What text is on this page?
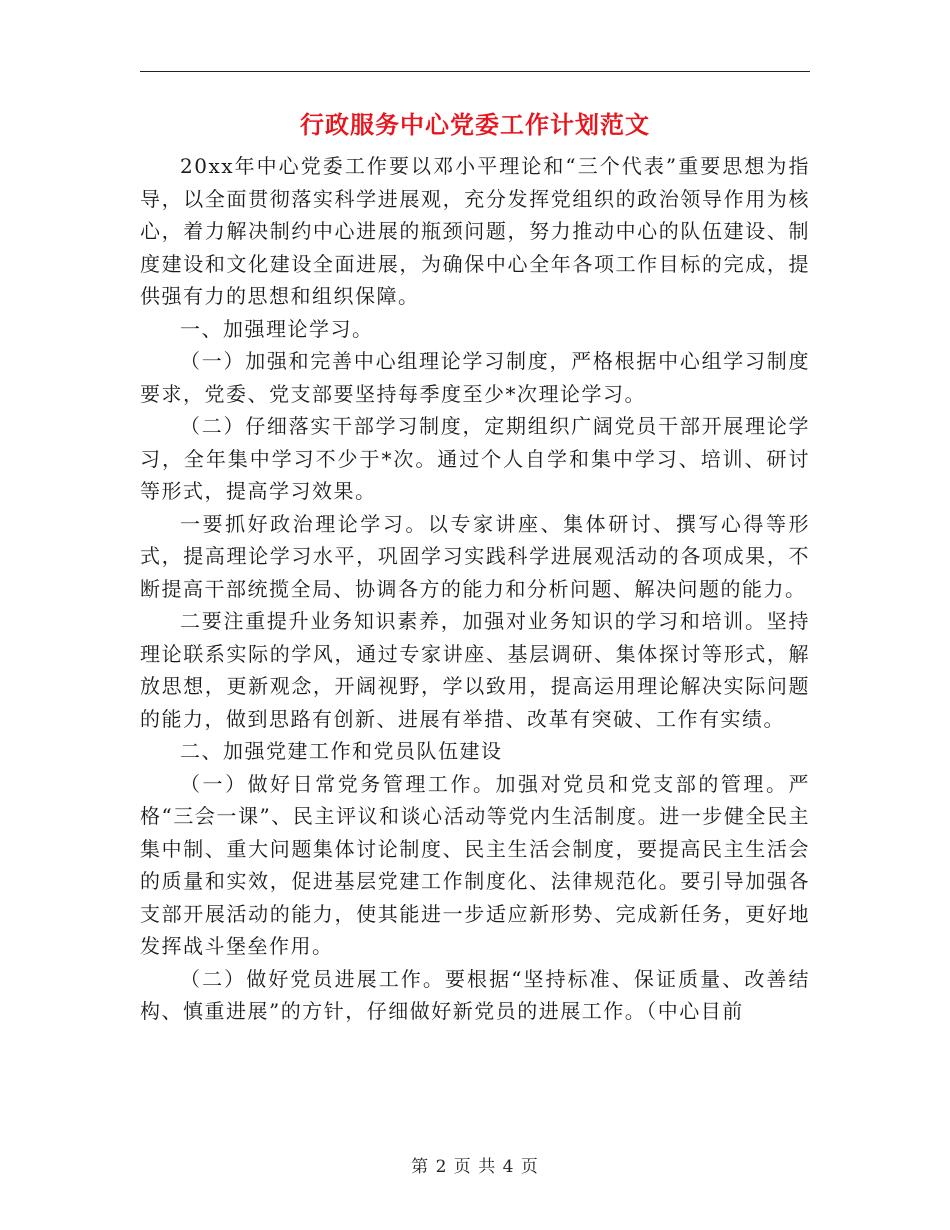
行政服务中心党委工作计划范文

20xx年中心党委工作要以邓小平理论和“三个代表”重要思想为指导，以全面贯彻落实科学进展观，充分发挥党组织的政治领导作用为核心，着力解决制约中心进展的瓶颈问题，努力推动中心的队伍建设、制度建设和文化建设全面进展，为确保中心全年各项工作目标的完成，提供强有力的思想和组织保障。

一、加强理论学习。

（一）加强和完善中心组理论学习制度，严格根据中心组学习制度要求，党委、党支部要坚持每季度至少*次理论学习。

（二）仔细落实干部学习制度，定期组织广阔党员干部开展理论学习，全年集中学习不少于*次。通过个人自学和集中学习、培训、研讨等形式，提高学习效果。

一要抓好政治理论学习。以专家讲座、集体研讨、撰写心得等形式，提高理论学习水平，巩固学习实践科学进展观活动的各项成果，不断提高干部统揽全局、协调各方的能力和分析问题、解决问题的能力。

二要注重提升业务知识素养，加强对业务知识的学习和培训。坚持理论联系实际的学风，通过专家讲座、基层调研、集体探讨等形式，解放思想，更新观念，开阔视野，学以致用，提高运用理论解决实际问题的能力，做到思路有创新、进展有举措、改革有突破、工作有实绩。

二、加强党建工作和党员队伍建设

（一）做好日常党务管理工作。加强对党员和党支部的管理。严格“三会一课”、民主评议和谈心活动等党内生活制度。进一步健全民主集中制、重大问题集体讨论制度、民主生活会制度，要提高民主生活会的质量和实效，促进基层党建工作制度化、法律规范化。要引导加强各支部开展活动的能力，使其能进一步适应新形势、完成新任务，更好地发挥战斗堡垒作用。

（二）做好党员进展工作。要根据“坚持标准、保证质量、改善结构、慎重进展”的方针，仔细做好新党员的进展工作。（中心目前

第 2 页 共 4 页
